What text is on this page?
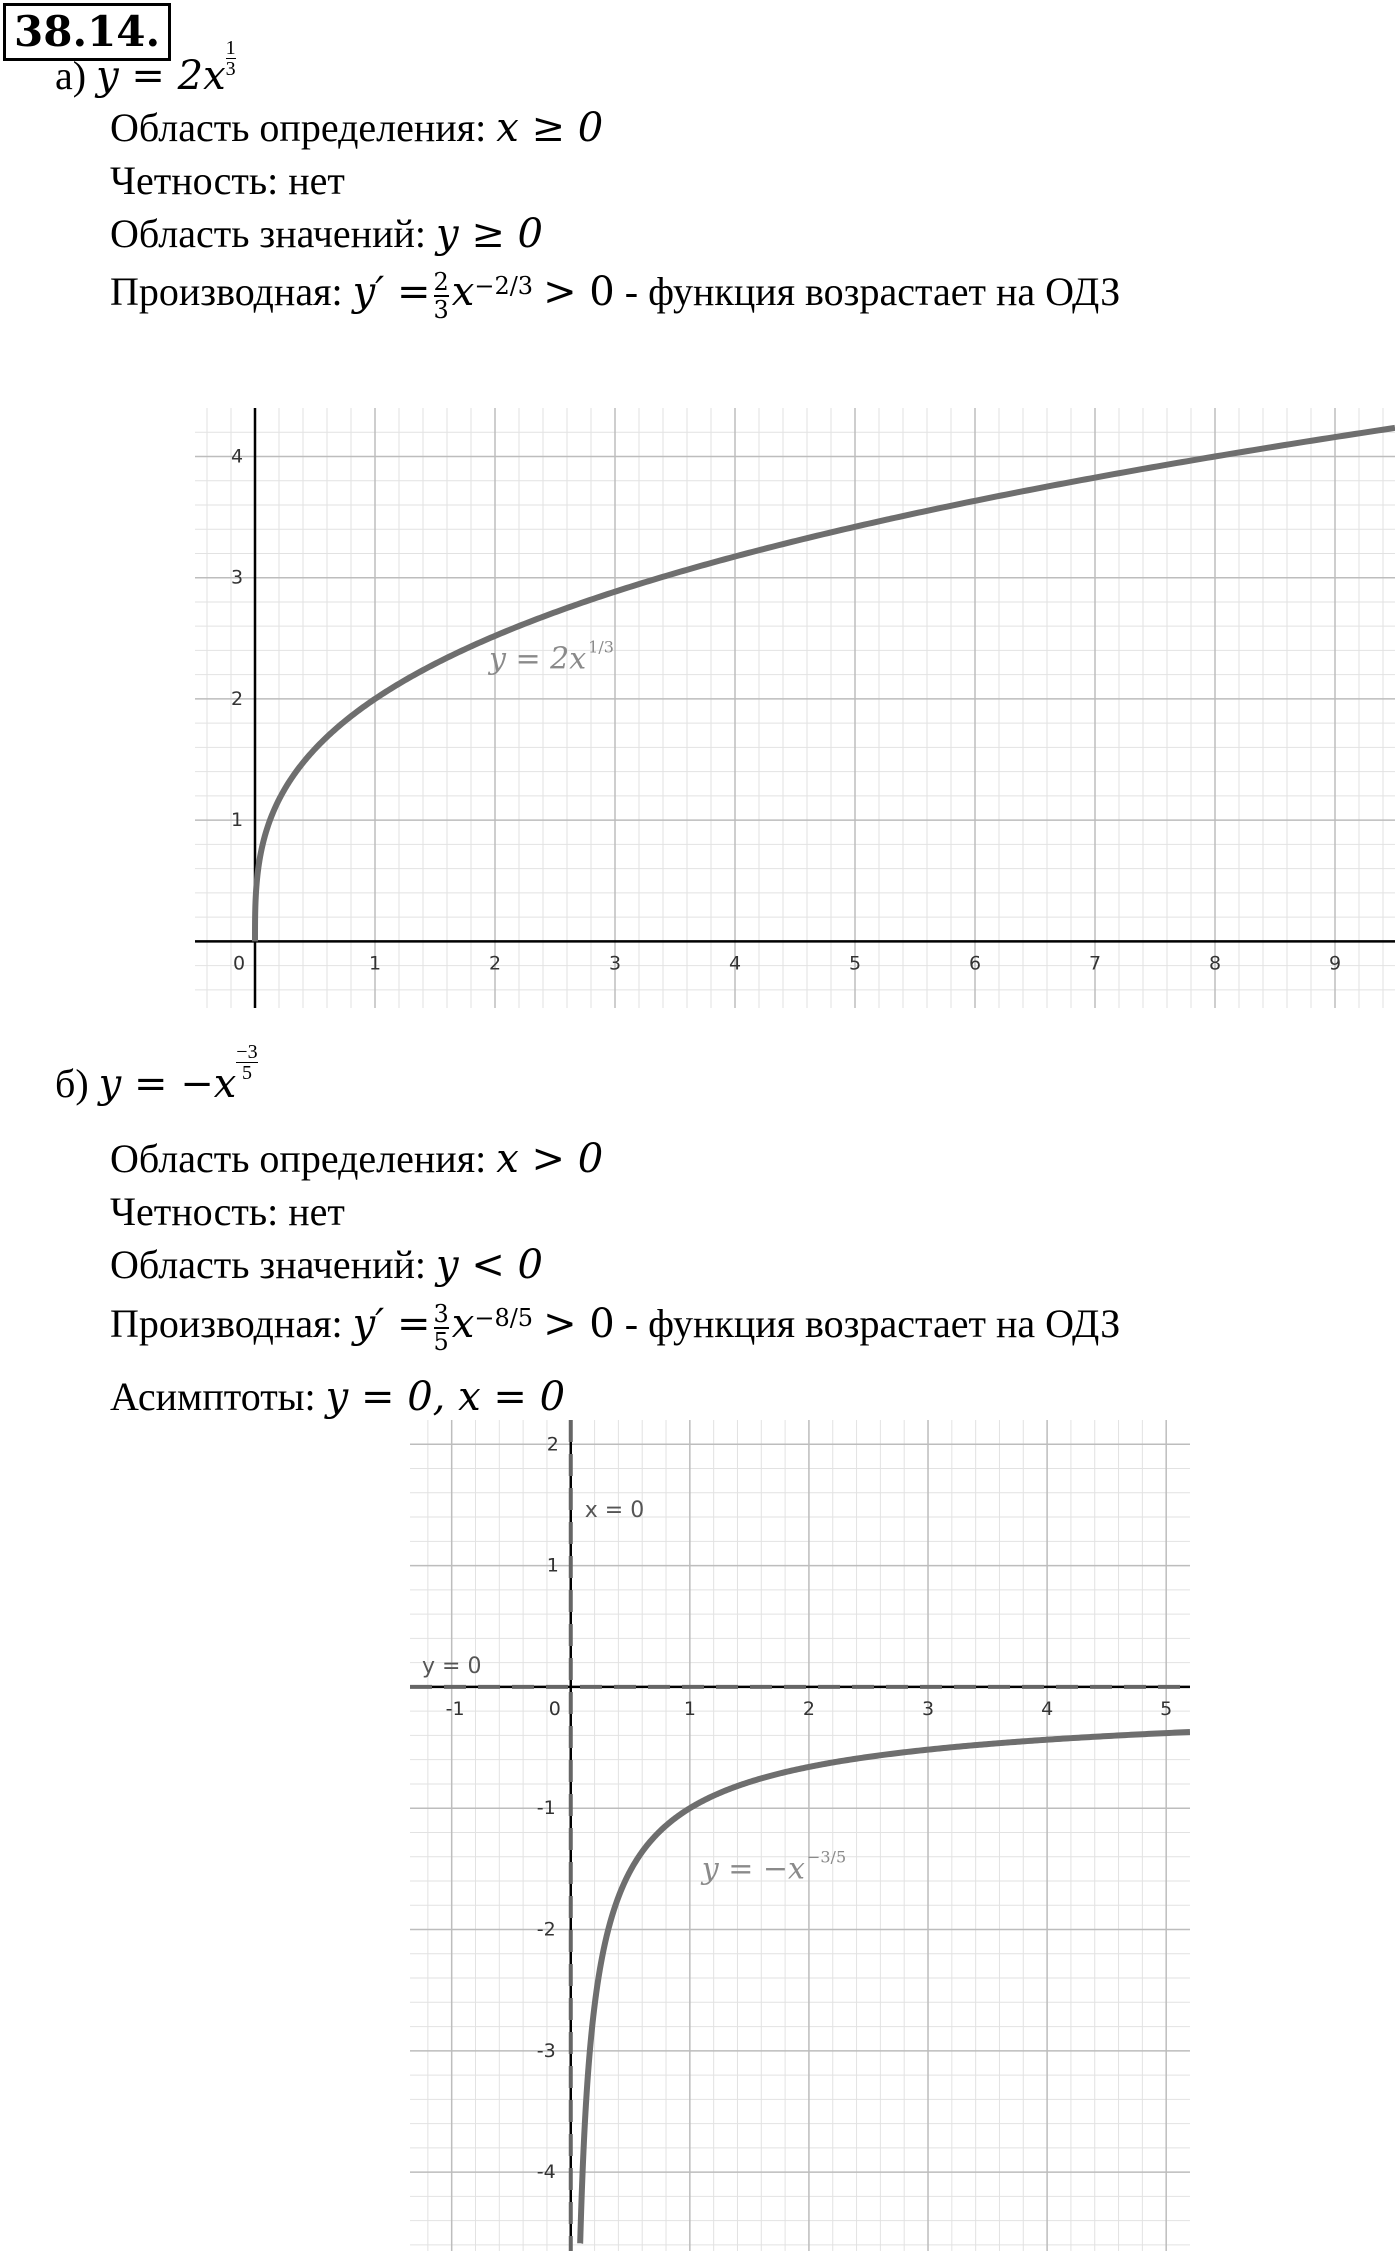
38.14.
а) y = 2x $^{\frac{1}{3}}$
Область определения: x ≥ 0
Четность: нет
Область значений: y ≥ 0
Производная: $y' = \frac{2}{3} x^{-2/3} > 0$ - функция возрастает на ОДЗ
0	1	2	3	4	5	6	7	8	9
1
2
3
4
y = 2x 1/3
б) y = −x $^{\frac{-3}{5}}$
Область определения: x > 0
Четность: нет
Область значений: y < 0
Производная: $y' = \frac{3}{5} x^{-8/5} > 0$ - функция возрастает на ОДЗ
Асимптоты: y = 0, x = 0
-1	0	1	2	3	4	5
2
1
-1
-2
-3
-4
x = 0
y = 0
y = −x −3/5
